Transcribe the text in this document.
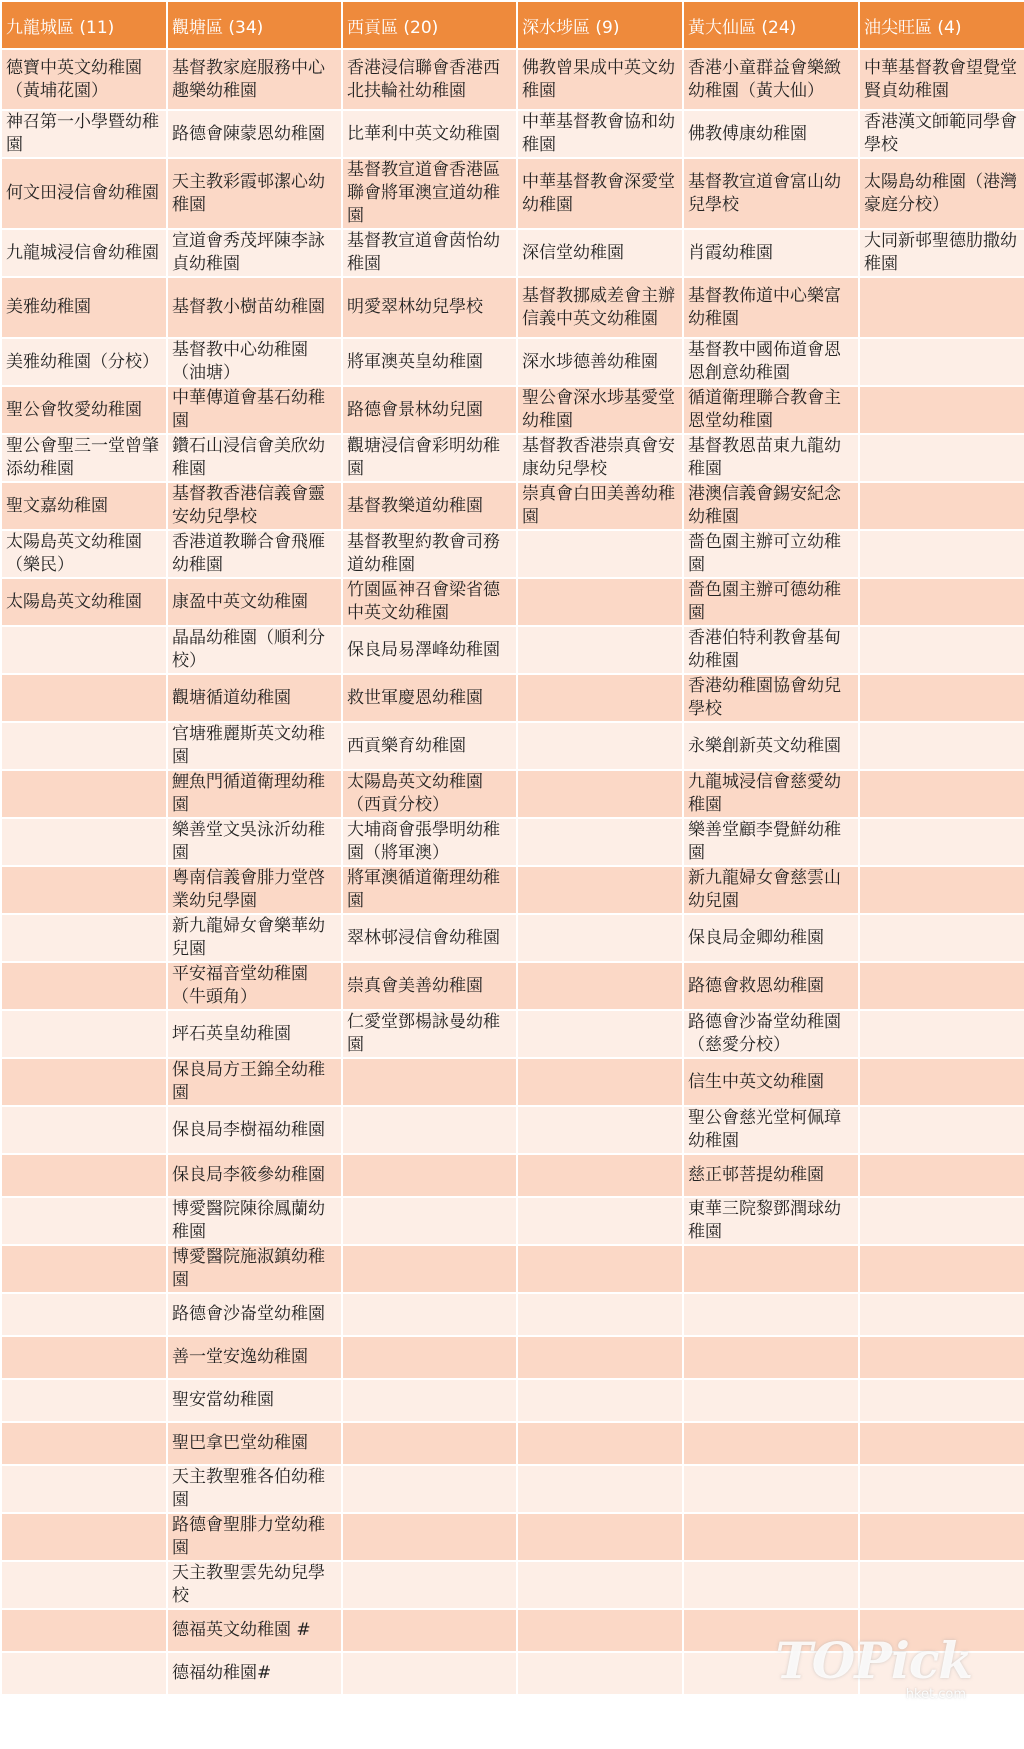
九龍城區 (11)	觀塘區 (34)	西貢區 (20)	深水埗區 (9)	黃大仙區 (24)	油尖旺區 (4)
德寶中英文幼稚園（黃埔花園）	基督教家庭服務中心趣樂幼稚園	香港浸信聯會香港西北扶輪社幼稚園	佛教曾果成中英文幼稚園	香港小童群益會樂緻幼稚園（黃大仙）	中華基督教會望覺堂賢貞幼稚園
神召第一小學暨幼稚園	路德會陳蒙恩幼稚園	比華利中英文幼稚園	中華基督教會協和幼稚園	佛教傅康幼稚園	香港漢文師範同學會學校
何文田浸信會幼稚園	天主教彩霞邨潔心幼稚園	基督教宣道會香港區聯會將軍澳宣道幼稚園	中華基督教會深愛堂幼稚園	基督教宣道會富山幼兒學校	太陽島幼稚園（港灣豪庭分校）
九龍城浸信會幼稚園	宣道會秀茂坪陳李詠貞幼稚園	基督教宣道會茵怡幼稚園	深信堂幼稚園	肖霞幼稚園	大同新邨聖德肋撒幼稚園
美雅幼稚園	基督教小樹苗幼稚園	明愛翠林幼兒學校	基督教挪威差會主辦信義中英文幼稚園	基督教佈道中心樂富幼稚園	
美雅幼稚園（分校）	基督教中心幼稚園（油塘）	將軍澳英皇幼稚園	深水埗德善幼稚園	基督教中國佈道會恩恩創意幼稚園	
聖公會牧愛幼稚園	中華傳道會基石幼稚園	路德會景林幼兒園	聖公會深水埗基愛堂幼稚園	循道衛理聯合教會主恩堂幼稚園	
聖公會聖三一堂曾肇添幼稚園	鑽石山浸信會美欣幼稚園	觀塘浸信會彩明幼稚園	基督教香港崇真會安康幼兒學校	基督教恩苗東九龍幼稚園	
聖文嘉幼稚園	基督教香港信義會靈安幼兒學校	基督教樂道幼稚園	崇真會白田美善幼稚園	港澳信義會錫安紀念幼稚園	
太陽島英文幼稚園（樂民）	香港道教聯合會飛雁幼稚園	基督教聖約教會司務道幼稚園		嗇色園主辦可立幼稚園	
太陽島英文幼稚園	康盈中英文幼稚園	竹園區神召會梁省德中英文幼稚園		嗇色園主辦可德幼稚園	
	晶晶幼稚園（順利分校）	保良局易澤峰幼稚園		香港伯特利教會基甸幼稚園	
	觀塘循道幼稚園	救世軍慶恩幼稚園		香港幼稚園協會幼兒學校	
	官塘雅麗斯英文幼稚園	西貢樂育幼稚園		永樂創新英文幼稚園	
	鯉魚門循道衛理幼稚園	太陽島英文幼稚園（西貢分校）		九龍城浸信會慈愛幼稚園	
	樂善堂文吳泳沂幼稚園	大埔商會張學明幼稚園（將軍澳）		樂善堂顧李覺鮮幼稚園	
	粵南信義會腓力堂啓業幼兒學園	將軍澳循道衛理幼稚園		新九龍婦女會慈雲山幼兒園	
	新九龍婦女會樂華幼兒園	翠林邨浸信會幼稚園		保良局金卿幼稚園	
	平安福音堂幼稚園（牛頭角）	崇真會美善幼稚園		路德會救恩幼稚園	
	坪石英皇幼稚園	仁愛堂鄧楊詠曼幼稚園		路德會沙崙堂幼稚園（慈愛分校）	
	保良局方王錦全幼稚園			信生中英文幼稚園	
	保良局李樹福幼稚園			聖公會慈光堂柯佩璋幼稚園	
	保良局李筱參幼稚園			慈正邨菩提幼稚園	
	博愛醫院陳徐鳳蘭幼稚園			東華三院黎鄧潤球幼稚園	
	博愛醫院施淑鎮幼稚園				
	路德會沙崙堂幼稚園				
	善一堂安逸幼稚園				
	聖安當幼稚園				
	聖巴拿巴堂幼稚園				
	天主教聖雅各伯幼稚園				
	路德會聖腓力堂幼稚園				
	天主教聖雲先幼兒學校				
	德福英文幼稚園 #				
	德福幼稚園#					TOPick
hket.com
